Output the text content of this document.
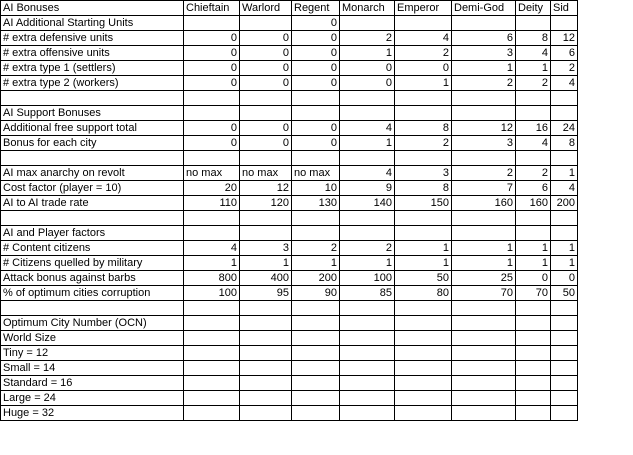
AI Bonuses	Chieftain	Warlord	Regent	Monarch	Emperor	Demi-God	Deity	Sid
AI Additional Starting Units			0					
# extra defensive units	0	0	0	2	4	6	8	12
# extra offensive units	0	0	0	1	2	3	4	6
# extra type 1 (settlers)	0	0	0	0	0	1	1	2
# extra type 2 (workers)	0	0	0	0	1	2	2	4

AI Support Bonuses								
Additional free support total	0	0	0	4	8	12	16	24
Bonus for each city	0	0	0	1	2	3	4	8

AI max anarchy on revolt	no max	no max	no max	4	3	2	2	1
Cost factor (player = 10)	20	12	10	9	8	7	6	4
AI to AI trade rate	110	120	130	140	150	160	160	200

AI and Player factors								
# Content citizens	4	3	2	2	1	1	1	1
# Citizens quelled by military	1	1	1	1	1	1	1	1
Attack bonus against barbs	800	400	200	100	50	25	0	0
% of optimum cities corruption	100	95	90	85	80	70	70	50

Optimum City Number (OCN)								
World Size								
Tiny = 12								
Small = 14								
Standard = 16								
Large = 24								
Huge = 32								
